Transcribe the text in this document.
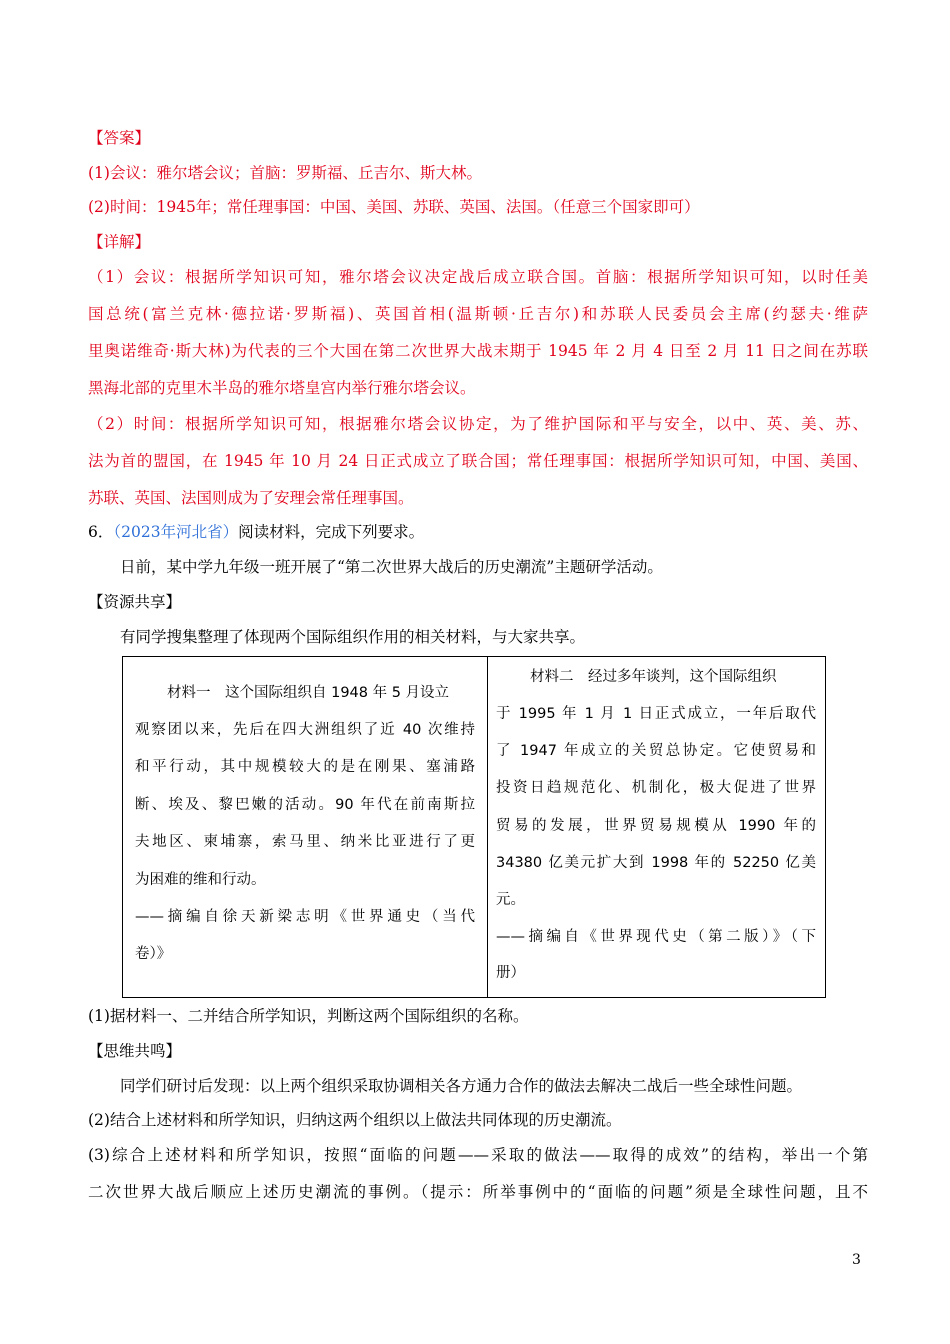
【答案】
(1)会议：雅尔塔会议；首脑：罗斯福、丘吉尔、斯大林。
(2)时间：1945年；常任理事国：中国、美国、苏联、英国、法国。（任意三个国家即可）
【详解】
（1）会议：根据所学知识可知，雅尔塔会议决定战后成立联合国。首脑：根据所学知识可知，以时任美
国总统(富兰克林·德拉诺·罗斯福)、英国首相(温斯顿·丘吉尔)和苏联人民委员会主席(约瑟夫·维萨
里奥诺维奇·斯大林)为代表的三个大国在第二次世界大战末期于 1945 年 2 月 4 日至 2 月 11 日之间在苏联
黑海北部的克里木半岛的雅尔塔皇宫内举行雅尔塔会议。
（2）时间：根据所学知识可知，根据雅尔塔会议协定，为了维护国际和平与安全，以中、英、美、苏、
法为首的盟国，在 1945 年 10 月 24 日正式成立了联合国；常任理事国：根据所学知识可知，中国、美国、
苏联、英国、法国则成为了安理会常任理事国。
6．（2023年河北省）阅读材料，完成下列要求。
日前，某中学九年级一班开展了“第二次世界大战后的历史潮流”主题研学活动。
【资源共享】
有同学搜集整理了体现两个国际组织作用的相关材料，与大家共享。
材料一　这个国际组织自 1948 年 5 月设立
观察团以来，先后在四大洲组织了近 40 次维持
和平行动，其中规模较大的是在刚果、塞浦路
断、埃及、黎巴嫩的活动。90 年代在前南斯拉
夫地区、柬埔寨，索马里、纳米比亚进行了更
为困难的维和行动。
——摘编自徐天新梁志明《世界通史（当代
卷）》
材料二　经过多年谈判，这个国际组织
于 1995 年 1 月 1 日正式成立，一年后取代
了 1947 年成立的关贸总协定。它使贸易和
投资日趋规范化、机制化，极大促进了世界
贸易的发展，世界贸易规模从 1990 年的
34380 亿美元扩大到 1998 年的 52250 亿美
元。
——摘编自《世界现代史（第二版）》（下
册）
(1)据材料一、二并结合所学知识，判断这两个国际组织的名称。
【思维共鸣】
同学们研讨后发现：以上两个组织采取协调相关各方通力合作的做法去解决二战后一些全球性问题。
(2)结合上述材料和所学知识，归纳这两个组织以上做法共同体现的历史潮流。
(3)综合上述材料和所学知识，按照“面临的问题——采取的做法——取得的成效”的结构，举出一个第
二次世界大战后顺应上述历史潮流的事例。（提示：所举事例中的“面临的问题”须是全球性问题，且不
3
